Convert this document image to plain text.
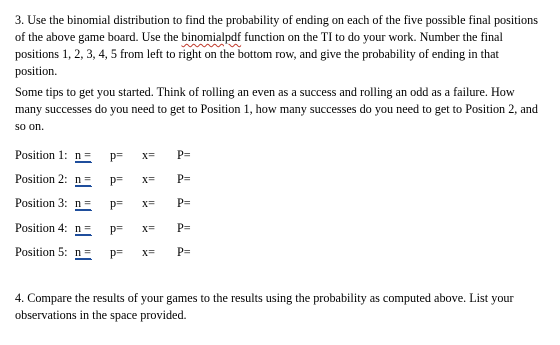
3. Use the binomial distribution to find the probability of ending on each of the five possible final positions of the above game board. Use the binomialpdf function on the TI to do your work. Number the final positions 1, 2, 3, 4, 5 from left to right on the bottom row, and give the probability of ending in that position.

Some tips to get you started. Think of rolling an even as a success and rolling an odd as a failure. How many successes do you need to get to Position 1, how many successes do you need to get to Position 2, and so on.

Position 1: n = p= x= P=
Position 2: n = p= x= P=
Position 3: n = p= x= P=
Position 4: n = p= x= P=
Position 5: n = p= x= P=

4. Compare the results of your games to the results using the probability as computed above. List your observations in the space provided.
